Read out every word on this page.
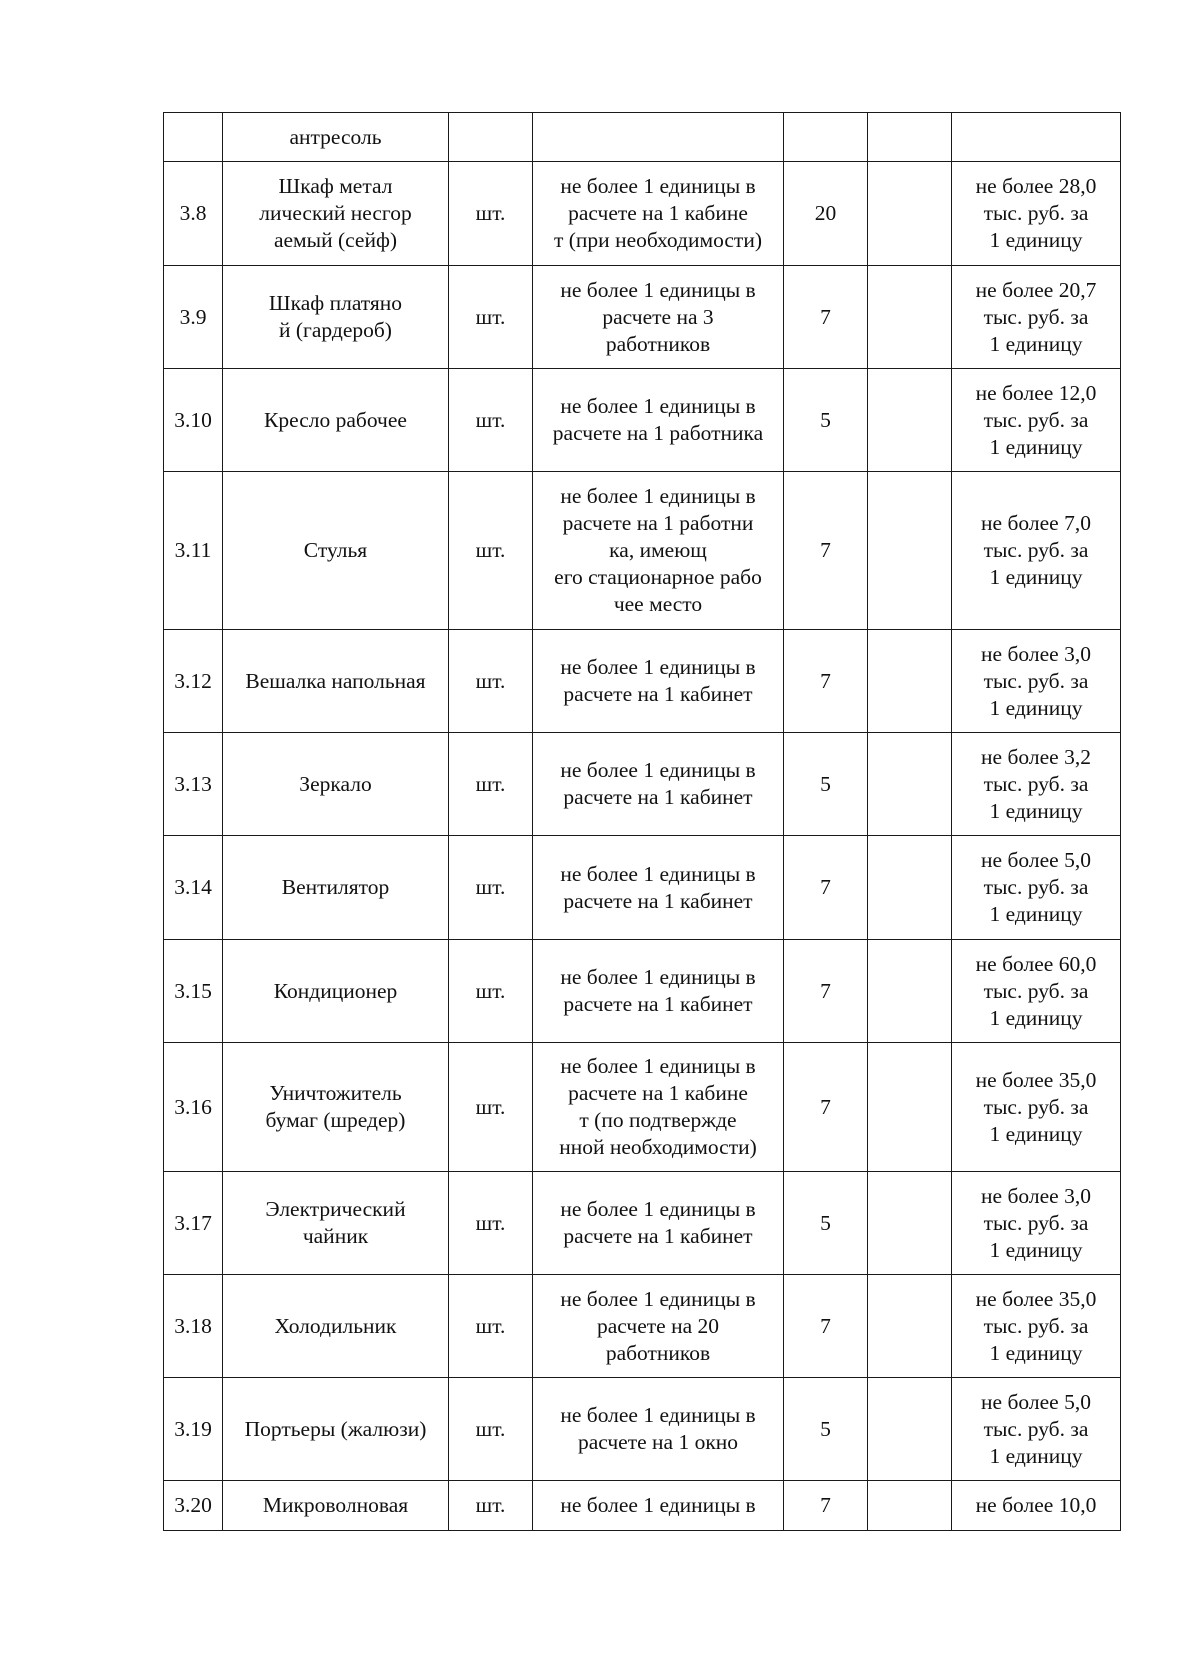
	антресоль					
3.8	Шкаф метал
лический несгор
аемый (сейф)	шт.	не более 1 единицы в
расчете на 1 кабине
т (при необходимости)	20		не более 28,0
тыс. руб. за
1 единицу

3.9	Шкаф платяно
й (гардероб)	шт.	не более 1 единицы в
расчете на 3
работников	7		не более 20,7
тыс. руб. за
1 единицу

3.10	Кресло рабочее	шт.	не более 1 единицы в
расчете на 1 работника	5		не более 12,0
тыс. руб. за
1 единицу

3.11	Стулья	шт.	не более 1 единицы в
расчете на 1 работни
ка, имеющ
его стационарное рабо
чее место	7		не более 7,0
тыс. руб. за
1 единицу

3.12	Вешалка напольная	шт.	не более 1 единицы в
расчете на 1 кабинет	7		не более 3,0
тыс. руб. за
1 единицу

3.13	Зеркало	шт.	не более 1 единицы в
расчете на 1 кабинет	5		не более 3,2
тыс. руб. за
1 единицу

3.14	Вентилятор	шт.	не более 1 единицы в
расчете на 1 кабинет	7		не более 5,0
тыс. руб. за
1 единицу

3.15	Кондиционер	шт.	не более 1 единицы в
расчете на 1 кабинет	7		не более 60,0
тыс. руб. за
1 единицу

3.16	Уничтожитель
бумаг (шредер)	шт.	не более 1 единицы в
расчете на 1 кабине
т (по подтвержде
нной необходимости)	7		не более 35,0
тыс. руб. за
1 единицу

3.17	Электрический
чайник	шт.	не более 1 единицы в
расчете на 1 кабинет	5		не более 3,0
тыс. руб. за
1 единицу

3.18	Холодильник	шт.	не более 1 единицы в
расчете на 20
работников	7		не более 35,0
тыс. руб. за
1 единицу

3.19	Портьеры (жалюзи)	шт.	не более 1 единицы в
расчете на 1 окно	5		не более 5,0
тыс. руб. за
1 единицу

3.20	Микроволновая	шт.	не более 1 единицы в	7		не более 10,0
